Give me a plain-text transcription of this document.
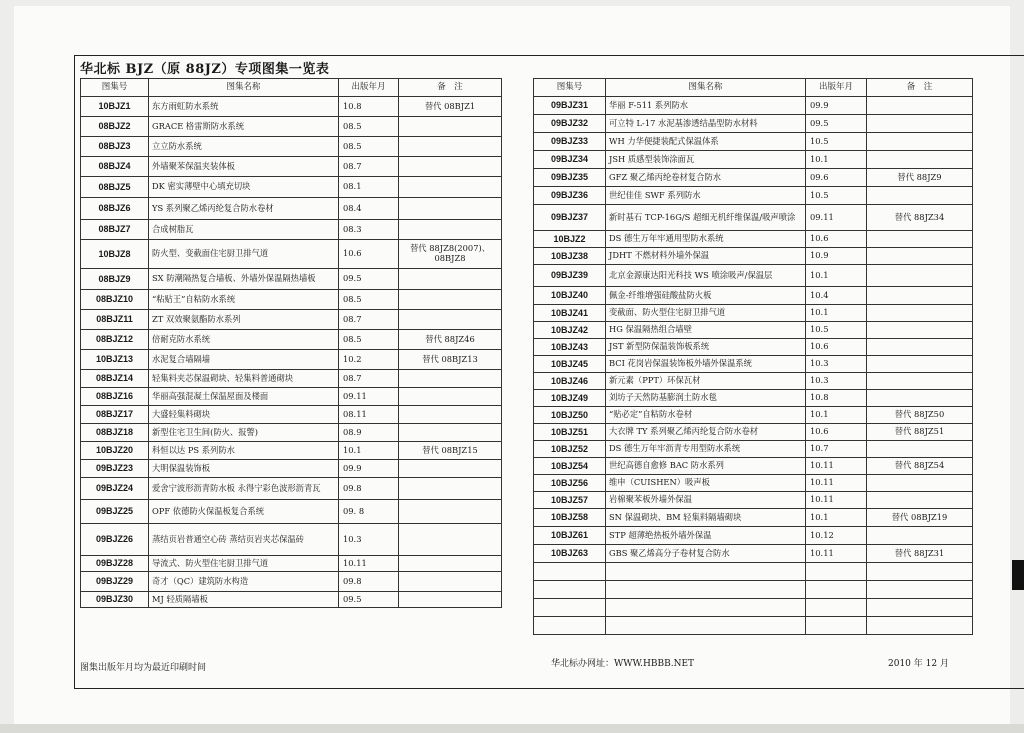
华北标 BJZ（原 88JZ）专项图集一览表
图集号	图集名称	出版年月	备　注
10BJZ1	东方雨虹防水系统	10.8	替代 08BJZ1
08BJZ2	GRACE 格雷斯防水系统	08.5	
08BJZ3	立立防水系统	08.5	
08BJZ4	外墙聚苯保温夹装体板	08.7	
08BJZ5	DK 密实薄壁中心填充切块	08.1	
08BJZ6	YS 系列聚乙烯丙纶复合防水卷材	08.4	
08BJZ7	合成树脂瓦	08.3	
10BJZ8	防火型、变截面住宅厨卫排气道	10.6	替代 88JZ8(2007)、08BJZ8
08BJZ9	SX 防潮隔热复合墙板、外墙外保温隔热墙板	09.5	
08BJZ10	“粘贴王”自粘防水系统	08.5	
08BJZ11	ZT 双效聚氨酯防水系列	08.7	
08BJZ12	倍耐克防水系统	08.5	替代 88JZ46
10BJZ13	水泥复合墙隔墙	10.2	替代 08BJZ13
08BJZ14	轻集料夹芯保温砌块、轻集料普通砌块	08.7	
08BJZ16	华丽高强混凝土保温屋面及楼面	09.11	
08BJZ17	大盛轻集料砌块	08.11	
08BJZ18	新型住宅卫生间(防火、报警)	08.9	
10BJZ20	科恒以达 PS 系列防水	10.1	替代 08BJZ15
09BJZ23	大明保温装饰板	09.9	
09BJZ24	爱舍宁波形沥青防水板 永得宁彩色波形沥青瓦	09.8	
09BJZ25	OPF 依德防火保温板复合系统	09. 8	
09BJZ26	蒸结页岩普通空心砖 蒸结页岩夹芯保温砖	10.3	
09BJZ28	导流式、防火型住宅厨卫排气道	10.11	
09BJZ29	奇才（QC）建筑防水构造	09.8	
09BJZ30	MJ 轻质隔墙板	09.5	
图集号	图集名称	出版年月	备　注
09BJZ31	华丽 F-511 系列防水	09.9	
09BJZ32	可立特 L-17 水泥基渗透结晶型防水材料	09.5	
09BJZ33	WH 力华便捷装配式保温体系	10.5	
09BJZ34	JSH 质感型装饰涂面瓦	10.1	
09BJZ35	GFZ 聚乙烯丙纶卷材复合防水	09.6	替代 88JZ9
09BJZ36	世纪佳佳 SWF 系列防水	10.5	
09BJZ37	新时基石 TCP-16G/S 超细无机纤维保温/吸声喷涂	09.11	替代 88JZ34
10BJZ2	DS 德生万年牢通用型防水系统	10.6	
10BJZ38	JDHT 不燃材料外墙外保温	10.9	
09BJZ39	北京金源康达阳光科技 WS 喷涂吸声/保温层	10.1	
10BJZ40	佩金-纤维增强硅酸盐防火板	10.4	
10BJZ41	变截面、防火型住宅厨卫排气道	10.1	
10BJZ42	HG 保温隔热组合墙壁	10.5	
10BJZ43	JST 新型防保温装饰板系统	10.6	
10BJZ45	BCI 花岗岩保温装饰板外墙外保温系统	10.3	
10BJZ46	新元素（PPT）环保瓦材	10.3	
10BJZ49	刘坊子天然防基膨润土防水毯	10.8	
10BJZ50	“贴必定”自粘防水卷材	10.1	替代 88JZ50
10BJZ51	大衣牌 TY 系列聚乙烯丙纶复合防水卷材	10.6	替代 88JZ51
10BJZ52	DS 德生万年牢沥青专用型防水系统	10.7	
10BJZ54	世纪高德自愈修 BAC 防水系列	10.11	替代 88JZ54
10BJZ56	维申（CUISHEN）吸声板	10.11	
10BJZ57	岩棉聚苯板外墙外保温	10.11	
10BJZ58	SN 保温砌块、BM 轻集料隔墙砌块	10.1	替代 08BJZ19
10BJZ61	STP 超薄绝热板外墙外保温	10.12	
10BJZ63	GBS 聚乙烯高分子卷材复合防水	10.11	替代 88JZ31

图集出版年月均为最近印刷时间	华北标办网址：WWW.HBBB.NET	2010 年 12 月
